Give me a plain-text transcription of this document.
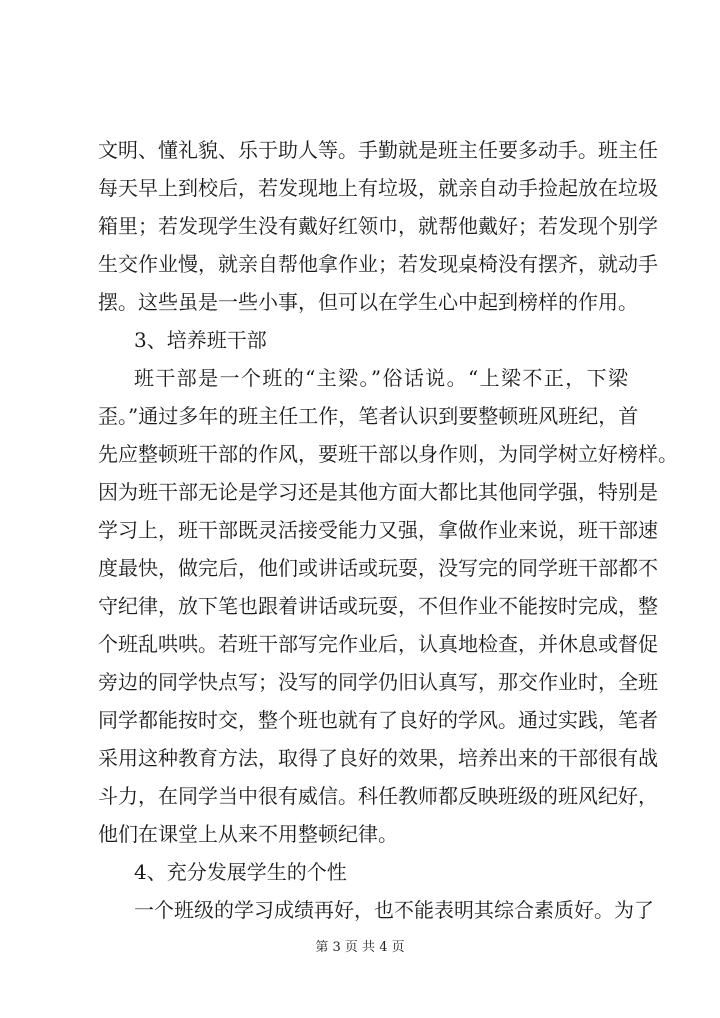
文明、懂礼貌、乐于助人等。手勤就是班主任要多动手。班主任
每天早上到校后，若发现地上有垃圾，就亲自动手捡起放在垃圾
箱里；若发现学生没有戴好红领巾，就帮他戴好；若发现个别学
生交作业慢，就亲自帮他拿作业；若发现桌椅没有摆齐，就动手
摆。这些虽是一些小事，但可以在学生心中起到榜样的作用。
3、培养班干部
班干部是一个班的“主梁。”俗话说。“上梁不正，下梁
歪。”通过多年的班主任工作，笔者认识到要整顿班风班纪，首
先应整顿班干部的作风，要班干部以身作则，为同学树立好榜样。
因为班干部无论是学习还是其他方面大都比其他同学强，特别是
学习上，班干部既灵活接受能力又强，拿做作业来说，班干部速
度最快，做完后，他们或讲话或玩耍，没写完的同学班干部都不
守纪律，放下笔也跟着讲话或玩耍，不但作业不能按时完成，整
个班乱哄哄。若班干部写完作业后，认真地检查，并休息或督促
旁边的同学快点写；没写的同学仍旧认真写，那交作业时，全班
同学都能按时交，整个班也就有了良好的学风。通过实践，笔者
采用这种教育方法，取得了良好的效果，培养出来的干部很有战
斗力，在同学当中很有威信。科任教师都反映班级的班风纪好，
他们在课堂上从来不用整顿纪律。
4、充分发展学生的个性
一个班级的学习成绩再好，也不能表明其综合素质好。为了
第 3 页 共 4 页
